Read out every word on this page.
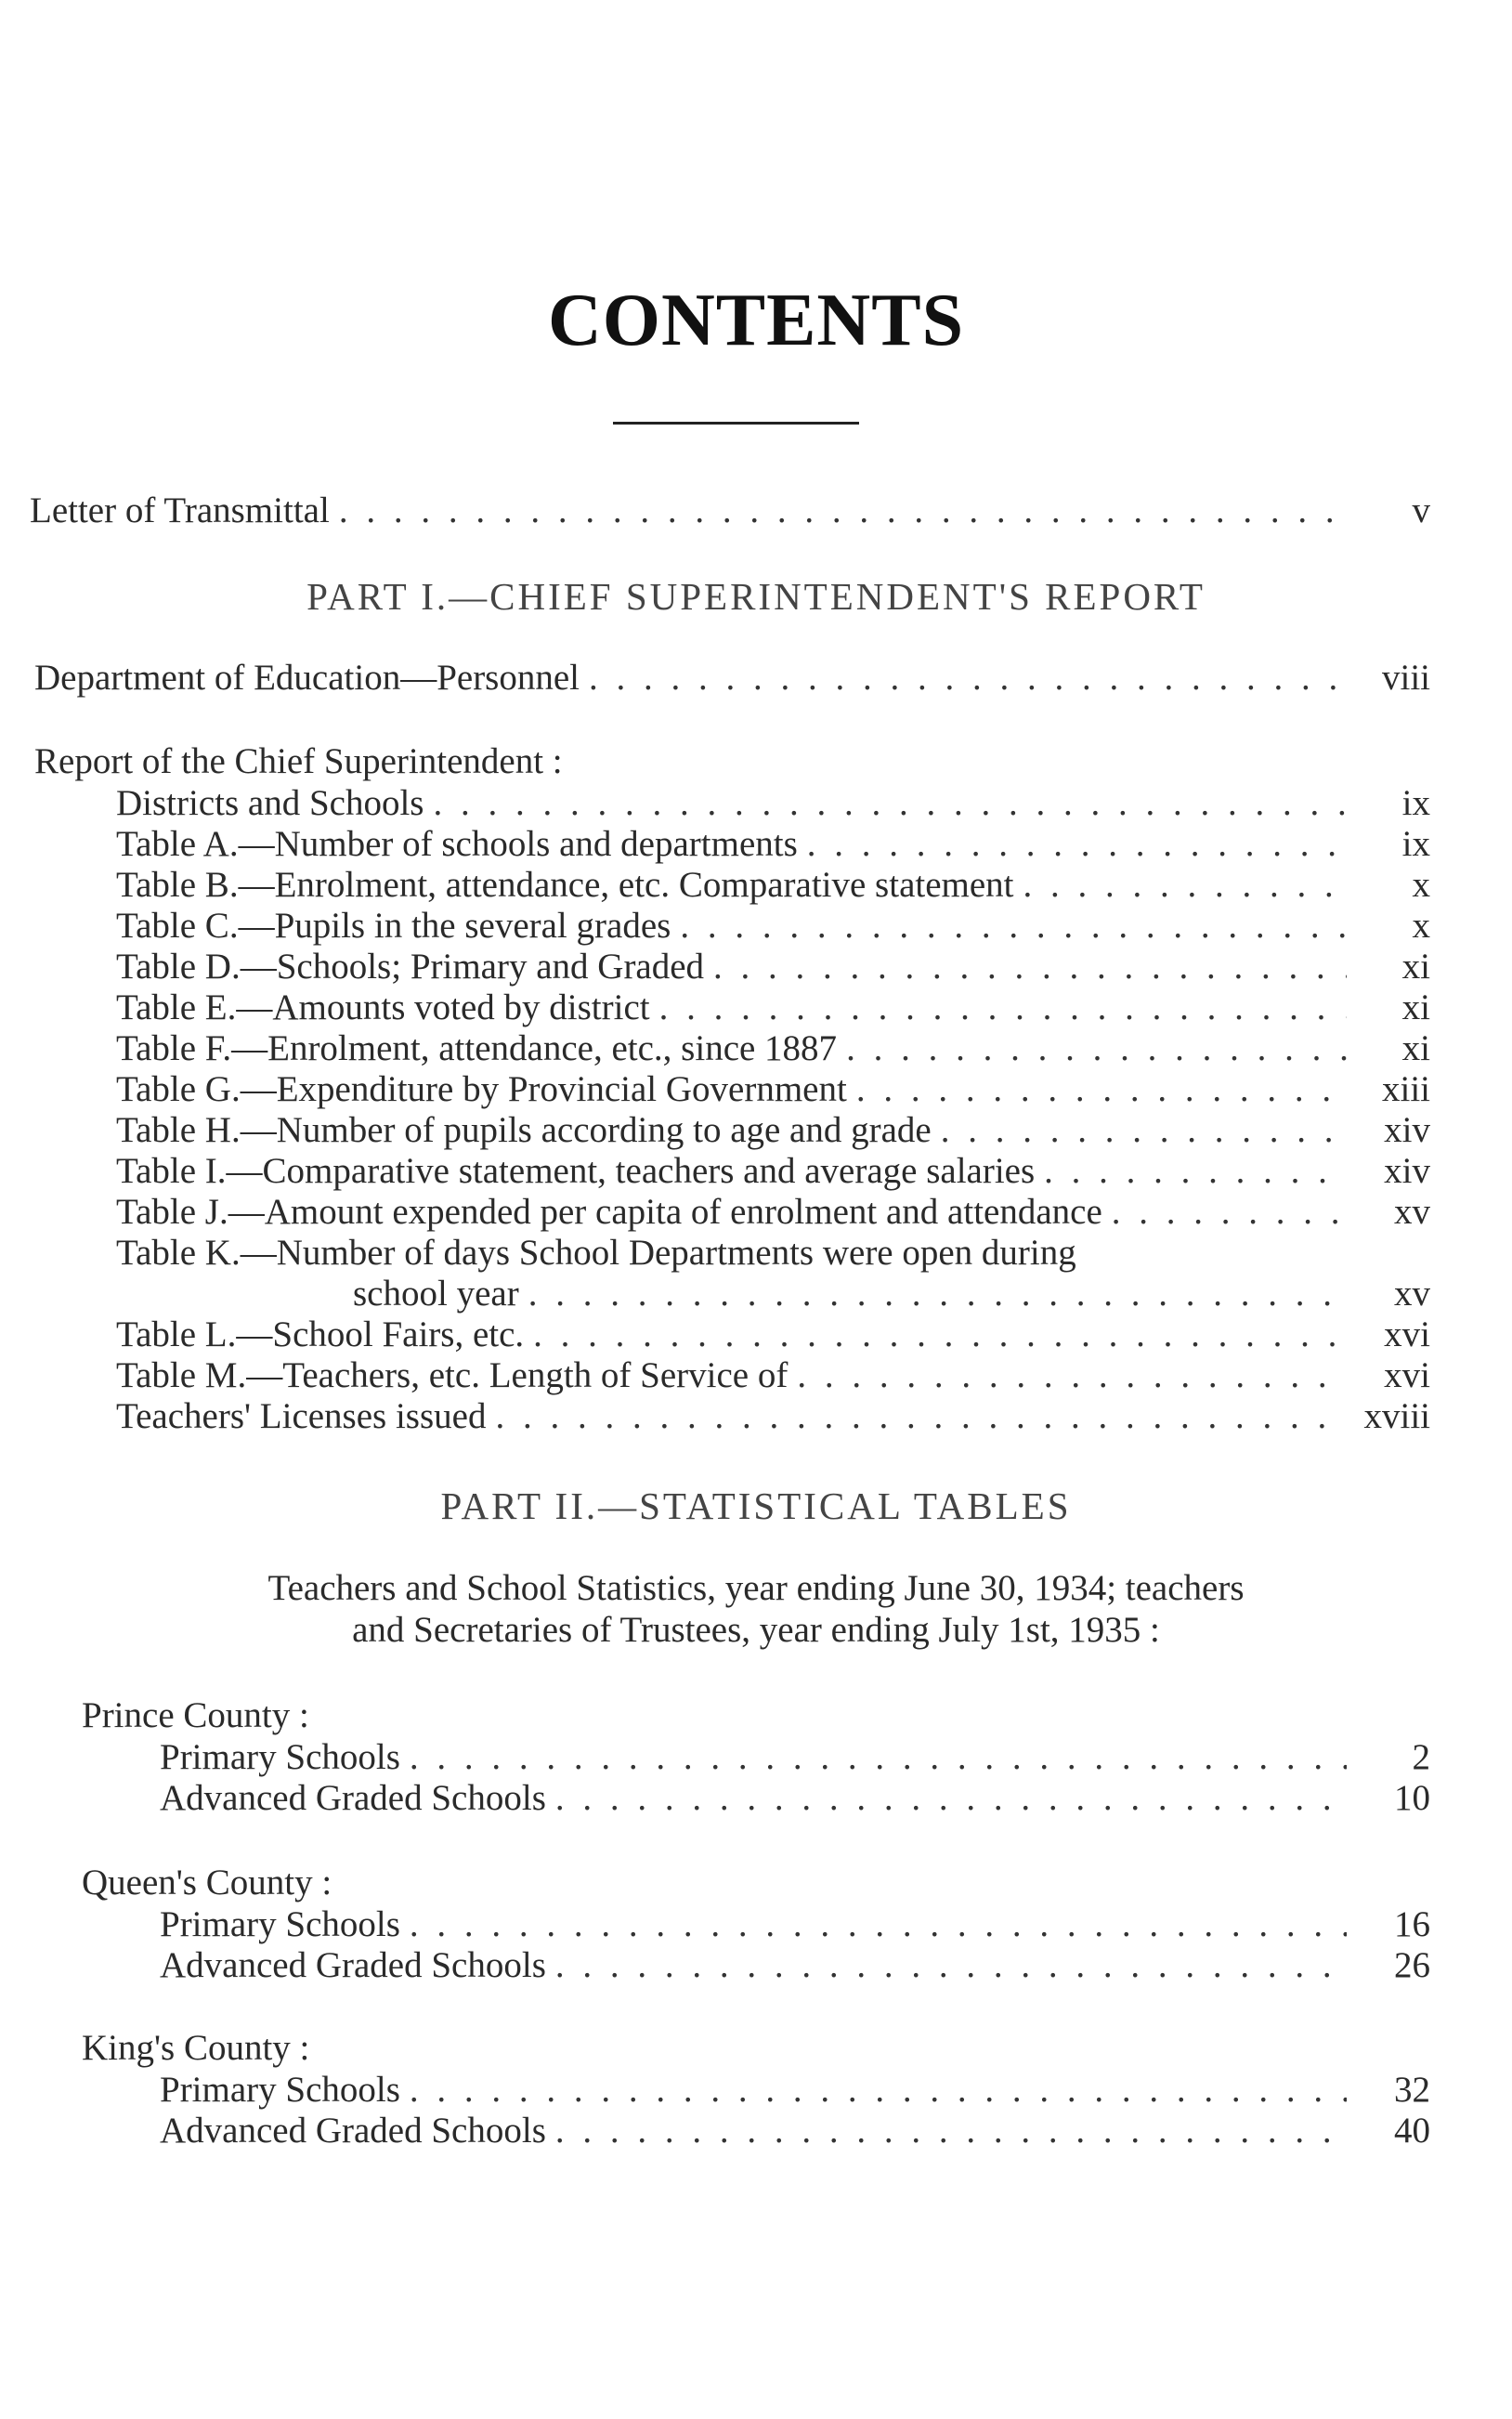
CONTENTS
Letter of Transmittal . . .	v
PART I.—CHIEF SUPERINTENDENT'S REPORT
Department of Education—Personnel . . .	viii
Report of the Chief Superintendent :
Districts and Schools . . .	ix
Table A.—Number of schools and departments . . .	ix
Table B.—Enrolment, attendance, etc. Comparative statement . . .	x
Table C.—Pupils in the several grades . . .	x
Table D.—Schools; Primary and Graded . . .	xi
Table E.—Amounts voted by district . . .	xi
Table F.—Enrolment, attendance, etc., since 1887 . . .	xi
Table G.—Expenditure by Provincial Government . . .	xiii
Table H.—Number of pupils according to age and grade . . .	xiv
Table I.—Comparative statement, teachers and average salaries . . .	xiv
Table J.—Amount expended per capita of enrolment and attendance . . .	xv
Table K.—Number of days School Departments were open during
school year . . .	xv
Table L.—School Fairs, etc. . . .	xvi
Table M.—Teachers, etc. Length of Service of . . .	xvi
Teachers' Licenses issued . . .	xviii
PART II.—STATISTICAL TABLES
Teachers and School Statistics, year ending June 30, 1934; teachers
and Secretaries of Trustees, year ending July 1st, 1935 :
Prince County :
Primary Schools . . .	2
Advanced Graded Schools . . .	10
Queen's County :
Primary Schools . . .	16
Advanced Graded Schools . . .	26
King's County :
Primary Schools . . .	32
Advanced Graded Schools . . .	40
